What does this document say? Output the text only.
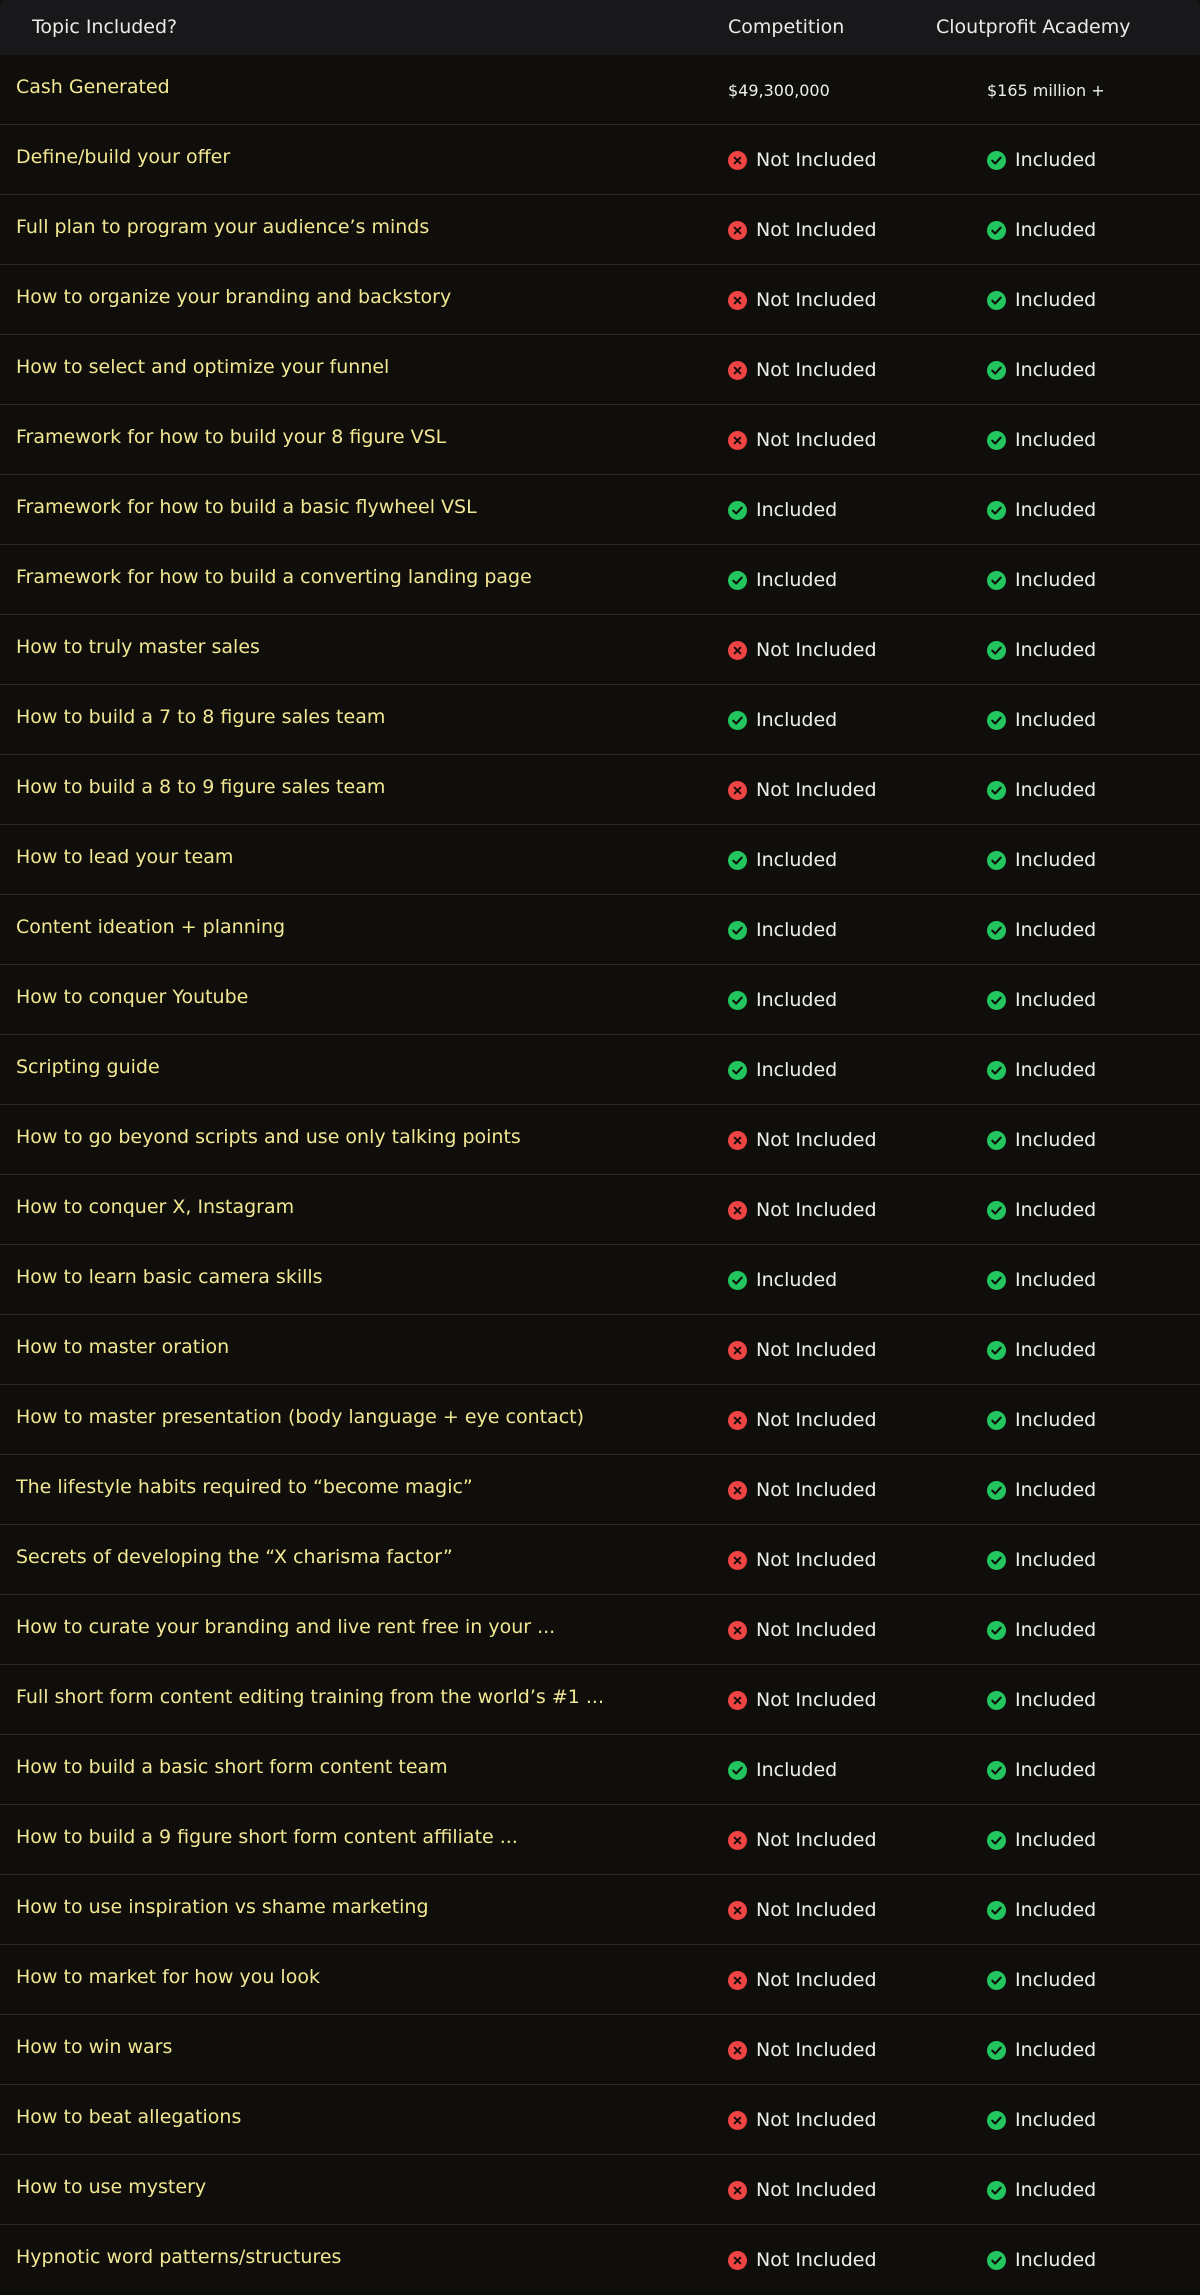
Topic Included?	Competition	Cloutprofit Academy
Cash Generated	$49,300,000	$165 million +
Define/build your offer	Not Included	Included
Full plan to program your audience’s minds	Not Included	Included
How to organize your branding and backstory	Not Included	Included
How to select and optimize your funnel	Not Included	Included
Framework for how to build your 8 figure VSL	Not Included	Included
Framework for how to build a basic flywheel VSL	Included	Included
Framework for how to build a converting landing page	Included	Included
How to truly master sales	Not Included	Included
How to build a 7 to 8 figure sales team	Included	Included
How to build a 8 to 9 figure sales team	Not Included	Included
How to lead your team	Included	Included
Content ideation + planning	Included	Included
How to conquer Youtube	Included	Included
Scripting guide	Included	Included
How to go beyond scripts and use only talking points	Not Included	Included
How to conquer X, Instagram	Not Included	Included
How to learn basic camera skills	Included	Included
How to master oration	Not Included	Included
How to master presentation (body language + eye contact)	Not Included	Included
The lifestyle habits required to “become magic”	Not Included	Included
Secrets of developing the “X charisma factor”	Not Included	Included
How to curate your branding and live rent free in your ...	Not Included	Included
Full short form content editing training from the world’s #1 ...	Not Included	Included
How to build a basic short form content team	Included	Included
How to build a 9 figure short form content affiliate ...	Not Included	Included
How to use inspiration vs shame marketing	Not Included	Included
How to market for how you look	Not Included	Included
How to win wars	Not Included	Included
How to beat allegations	Not Included	Included
How to use mystery	Not Included	Included
Hypnotic word patterns/structures	Not Included	Included
